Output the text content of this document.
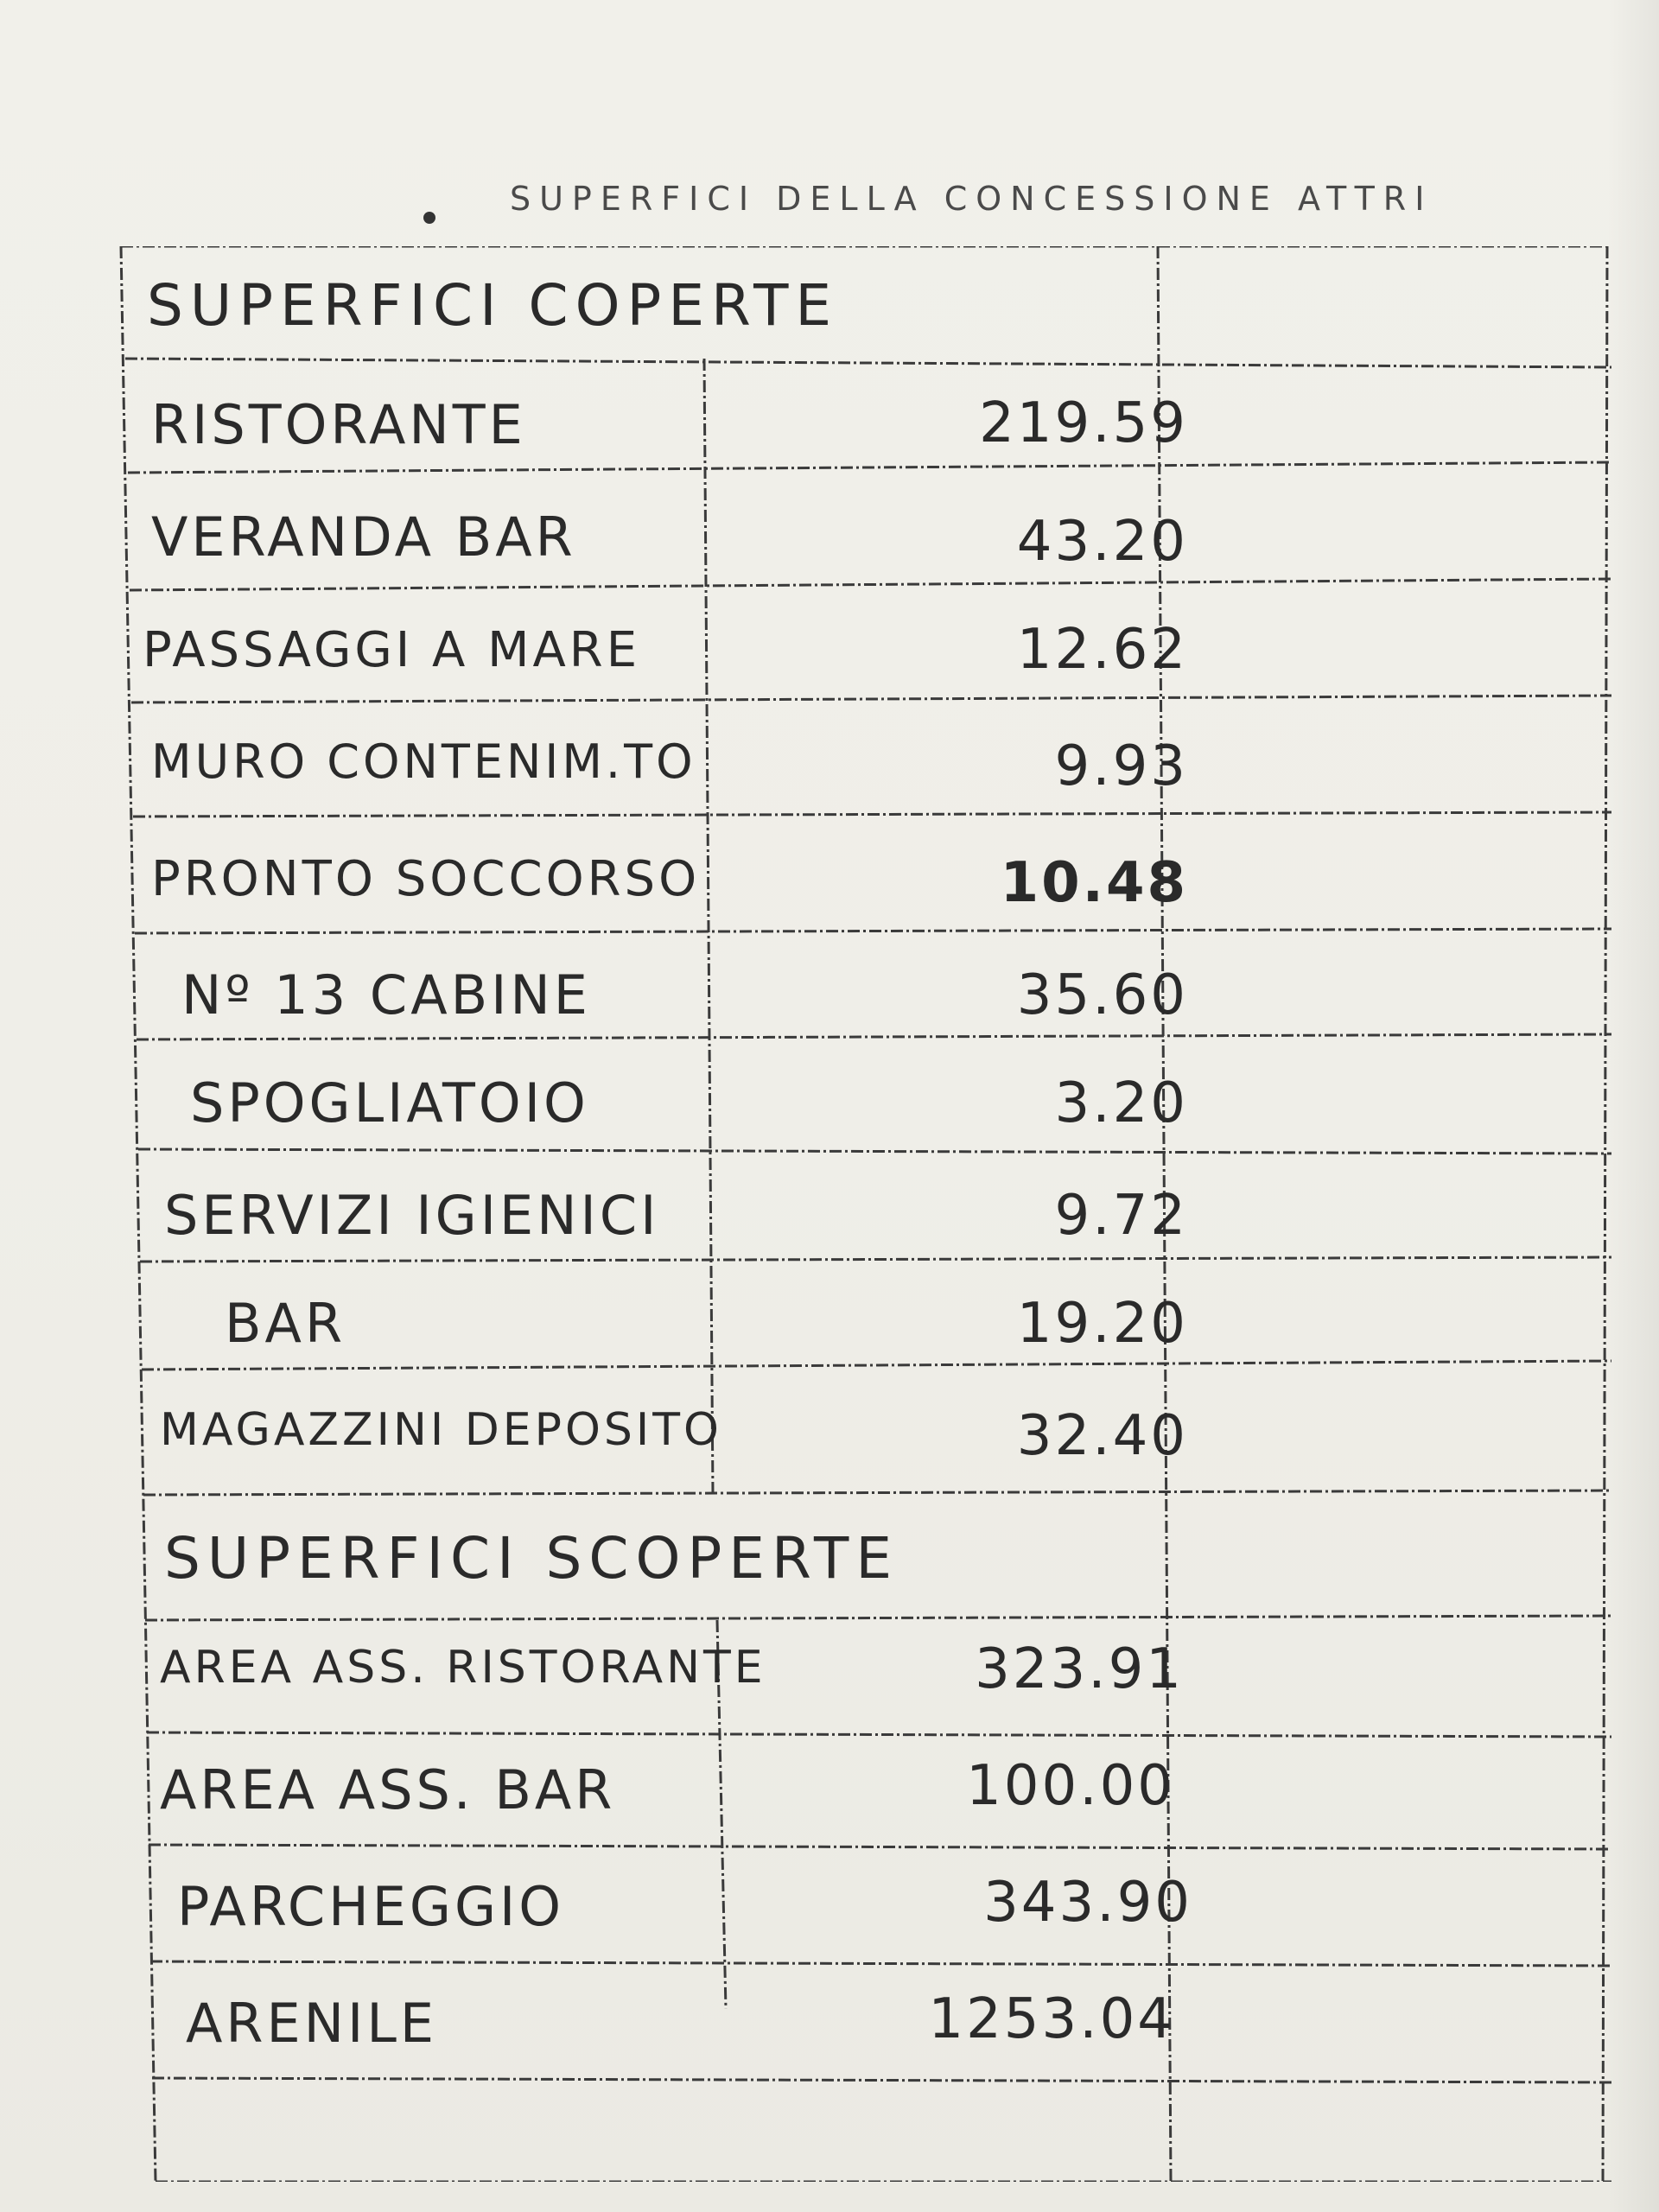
SUPERFICI DELLA CONCESSIONE ATTRI
SUPERFICI COPERTE
RISTORANTE	219.59
VERANDA BAR	43.20
PASSAGGI A MARE	12.62
MURO CONTENIM.TO	9.93
PRONTO SOCCORSO	10.48
Nº 13 CABINE	35.60
SPOGLIATOIO	3.20
SERVIZI IGIENICI	9.72
BAR	19.20
MAGAZZINI DEPOSITO	32.40
SUPERFICI SCOPERTE
AREA ASS. RISTORANTE	323.91
AREA ASS. BAR	100.00
PARCHEGGIO	343.90
ARENILE	1253.04
